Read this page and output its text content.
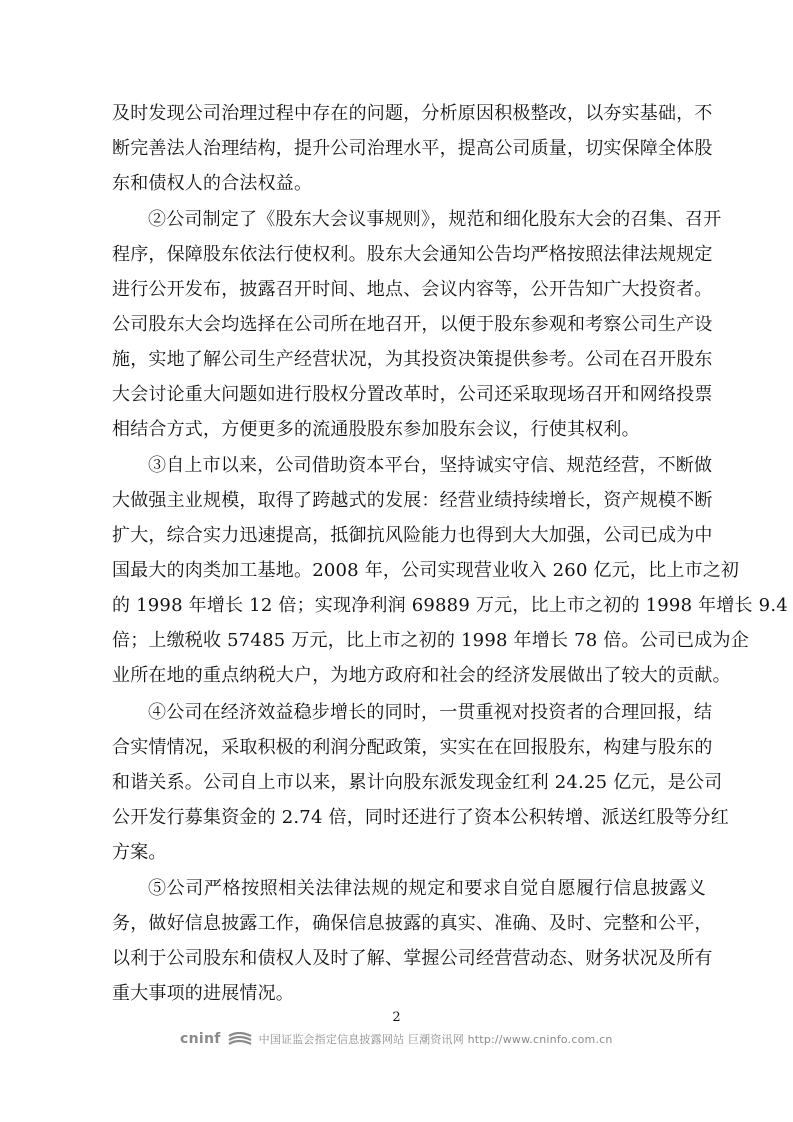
及时发现公司治理过程中存在的问题，分析原因积极整改，以夯实基础，不
断完善法人治理结构，提升公司治理水平，提高公司质量，切实保障全体股
东和债权人的合法权益。
②公司制定了《股东大会议事规则》，规范和细化股东大会的召集、召开
程序，保障股东依法行使权利。股东大会通知公告均严格按照法律法规规定
进行公开发布，披露召开时间、地点、会议内容等，公开告知广大投资者。
公司股东大会均选择在公司所在地召开，以便于股东参观和考察公司生产设
施，实地了解公司生产经营状况，为其投资决策提供参考。公司在召开股东
大会讨论重大问题如进行股权分置改革时，公司还采取现场召开和网络投票
相结合方式，方便更多的流通股股东参加股东会议，行使其权利。
③自上市以来，公司借助资本平台，坚持诚实守信、规范经营，不断做
大做强主业规模，取得了跨越式的发展：经营业绩持续增长，资产规模不断
扩大，综合实力迅速提高，抵御抗风险能力也得到大大加强，公司已成为中
国最大的肉类加工基地。2008 年，公司实现营业收入 260 亿元，比上市之初
的 1998 年增长 12 倍；实现净利润 69889 万元，比上市之初的 1998 年增长 9.4
倍；上缴税收 57485 万元，比上市之初的 1998 年增长 78 倍。公司已成为企
业所在地的重点纳税大户，为地方政府和社会的经济发展做出了较大的贡献。
④公司在经济效益稳步增长的同时，一贯重视对投资者的合理回报，结
合实情情况，采取积极的利润分配政策，实实在在回报股东，构建与股东的
和谐关系。公司自上市以来，累计向股东派发现金红利 24.25 亿元，是公司
公开发行募集资金的 2.74 倍，同时还进行了资本公积转增、派送红股等分红
方案。
⑤公司严格按照相关法律法规的规定和要求自觉自愿履行信息披露义
务，做好信息披露工作，确保信息披露的真实、准确、及时、完整和公平，
以利于公司股东和债权人及时了解、掌握公司经营营动态、财务状况及所有
重大事项的进展情况。
2
cninf	中国证监会指定信息披露网站 巨潮资讯网 http://www.cninfo.com.cn
